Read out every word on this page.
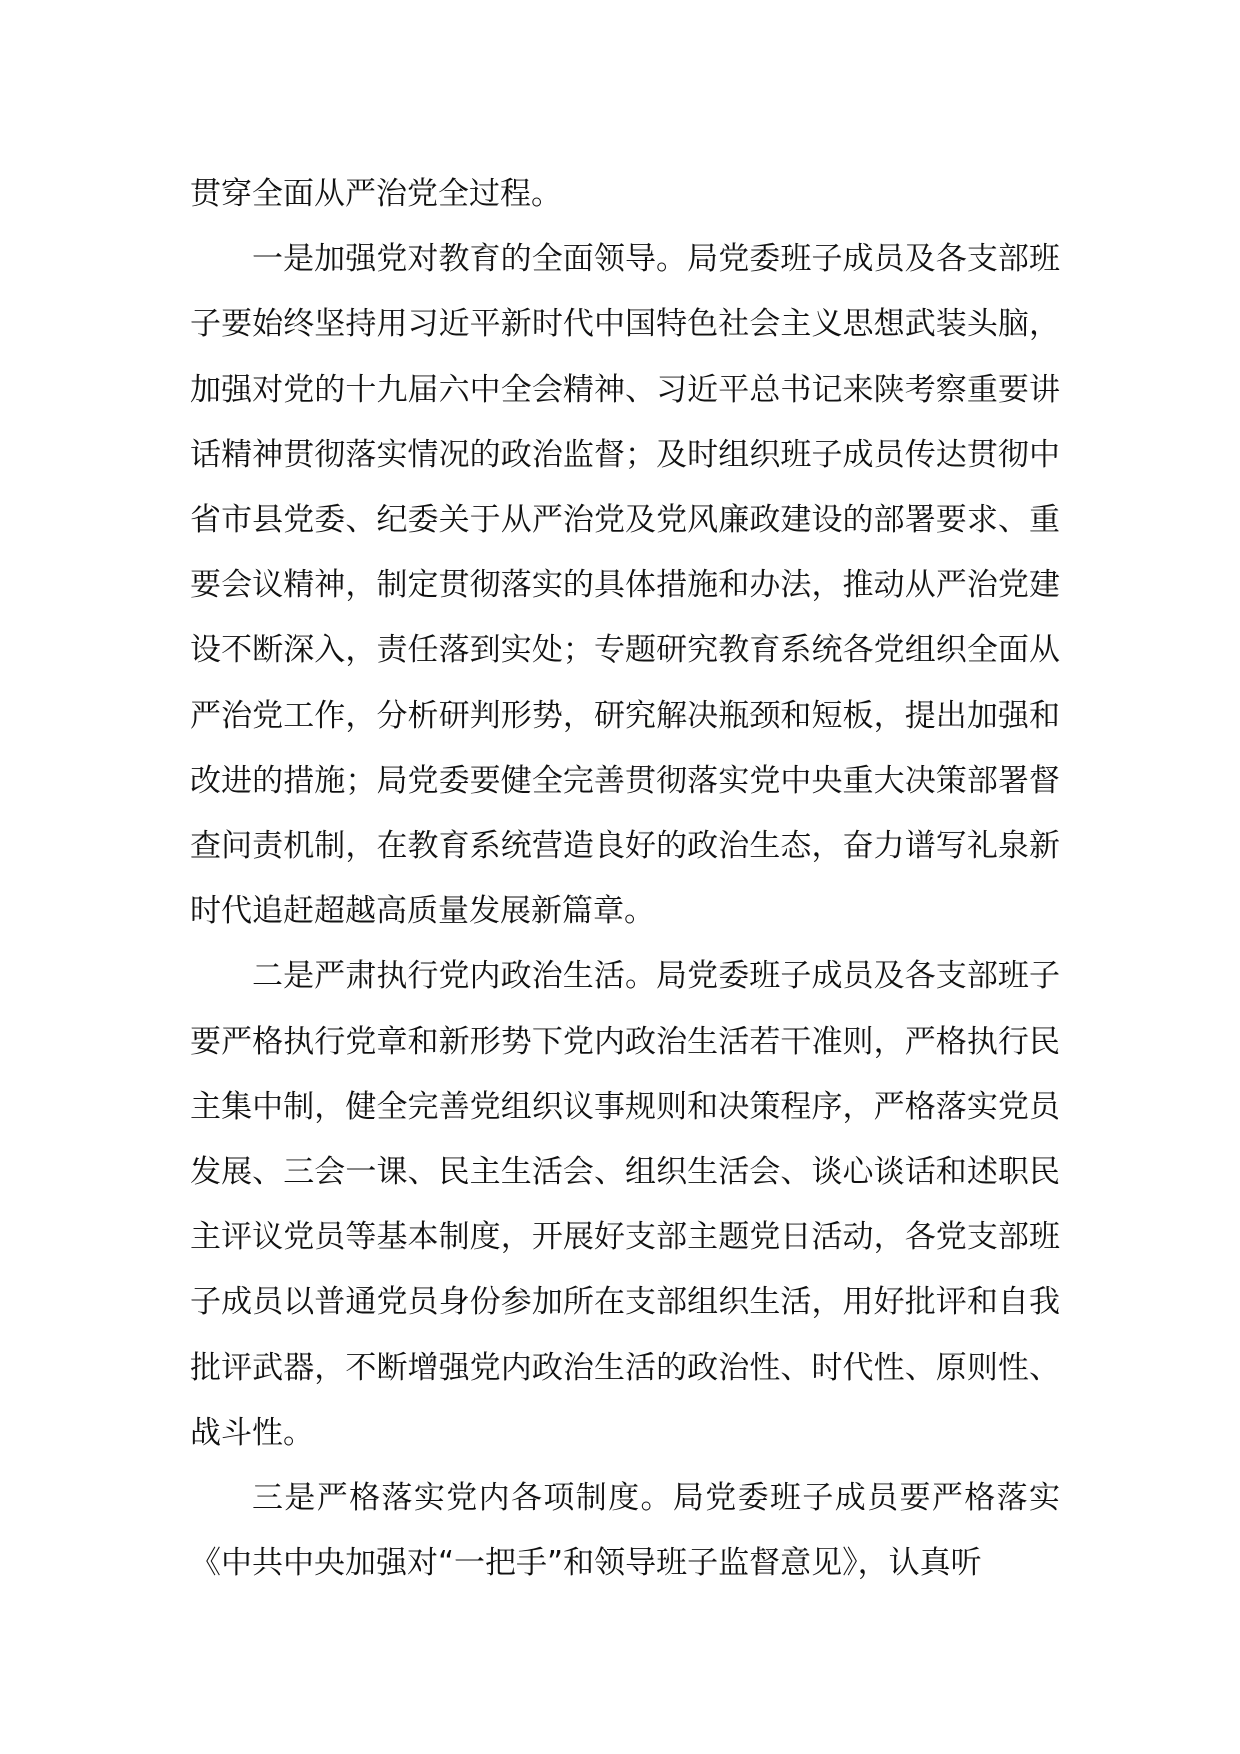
贯穿全面从严治党全过程。

一是加强党对教育的全面领导。局党委班子成员及各支部班子要始终坚持用习近平新时代中国特色社会主义思想武装头脑，加强对党的十九届六中全会精神、习近平总书记来陕考察重要讲话精神贯彻落实情况的政治监督；及时组织班子成员传达贯彻中省市县党委、纪委关于从严治党及党风廉政建设的部署要求、重要会议精神，制定贯彻落实的具体措施和办法，推动从严治党建设不断深入，责任落到实处；专题研究教育系统各党组织全面从严治党工作，分析研判形势，研究解决瓶颈和短板，提出加强和改进的措施；局党委要健全完善贯彻落实党中央重大决策部署督查问责机制，在教育系统营造良好的政治生态，奋力谱写礼泉新时代追赶超越高质量发展新篇章。

二是严肃执行党内政治生活。局党委班子成员及各支部班子要严格执行党章和新形势下党内政治生活若干准则，严格执行民主集中制，健全完善党组织议事规则和决策程序，严格落实党员发展、三会一课、民主生活会、组织生活会、谈心谈话和述职民主评议党员等基本制度，开展好支部主题党日活动，各党支部班子成员以普通党员身份参加所在支部组织生活，用好批评和自我批评武器，不断增强党内政治生活的政治性、时代性、原则性、战斗性。

三是严格落实党内各项制度。局党委班子成员要严格落实《中共中央加强对“一把手”和领导班子监督意见》，认真听
